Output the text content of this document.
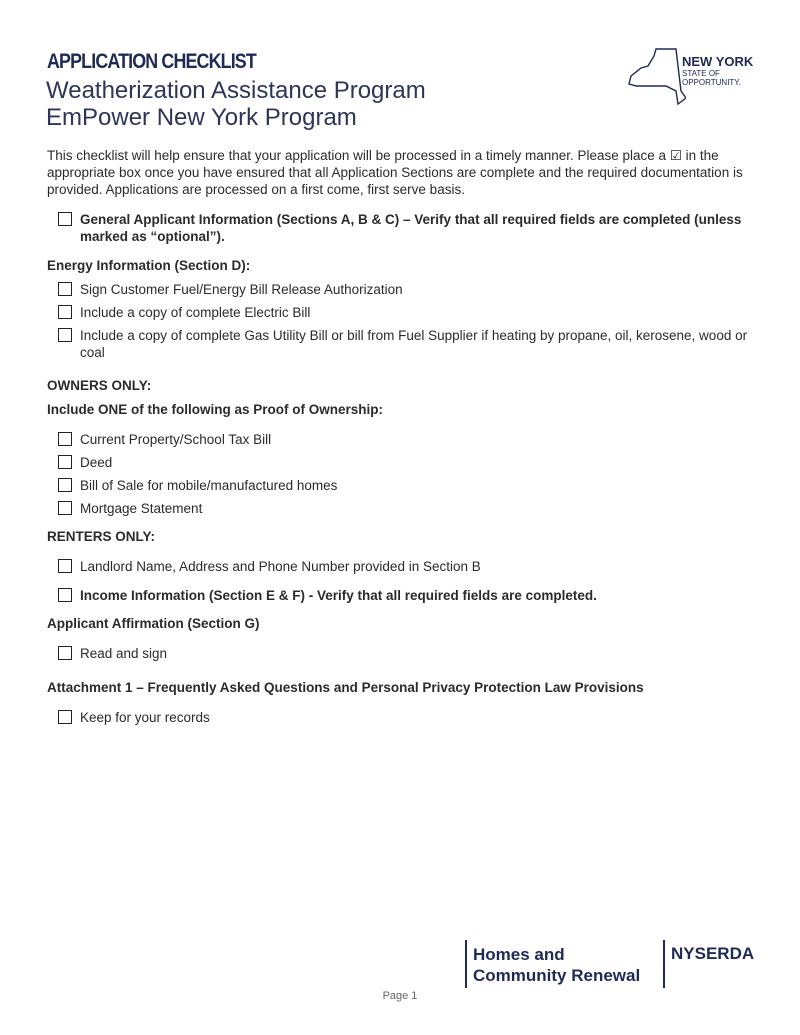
APPLICATION CHECKLIST
Weatherization Assistance Program
EmPower New York Program
NEW YORK
STATE OF
OPPORTUNITY.
This checklist will help ensure that your application will be processed in a timely manner. Please place a ☑ in the appropriate box once you have ensured that all Application Sections are complete and the required documentation is provided. Applications are processed on a first come, first serve basis.
General Applicant Information (Sections A, B & C) – Verify that all required fields are completed (unless marked as “optional”).
Energy Information (Section D):
Sign Customer Fuel/Energy Bill Release Authorization
Include a copy of complete Electric Bill
Include a copy of complete Gas Utility Bill or bill from Fuel Supplier if heating by propane, oil, kerosene, wood or coal
OWNERS ONLY:
Include ONE of the following as Proof of Ownership:
Current Property/School Tax Bill
Deed
Bill of Sale for mobile/manufactured homes
Mortgage Statement
RENTERS ONLY:
Landlord Name, Address and Phone Number provided in Section B
Income Information (Section E & F) - Verify that all required fields are completed.
Applicant Affirmation (Section G)
Read and sign
Attachment 1 – Frequently Asked Questions and Personal Privacy Protection Law Provisions
Keep for your records
Homes and
Community Renewal
NYSERDA
Page 1
